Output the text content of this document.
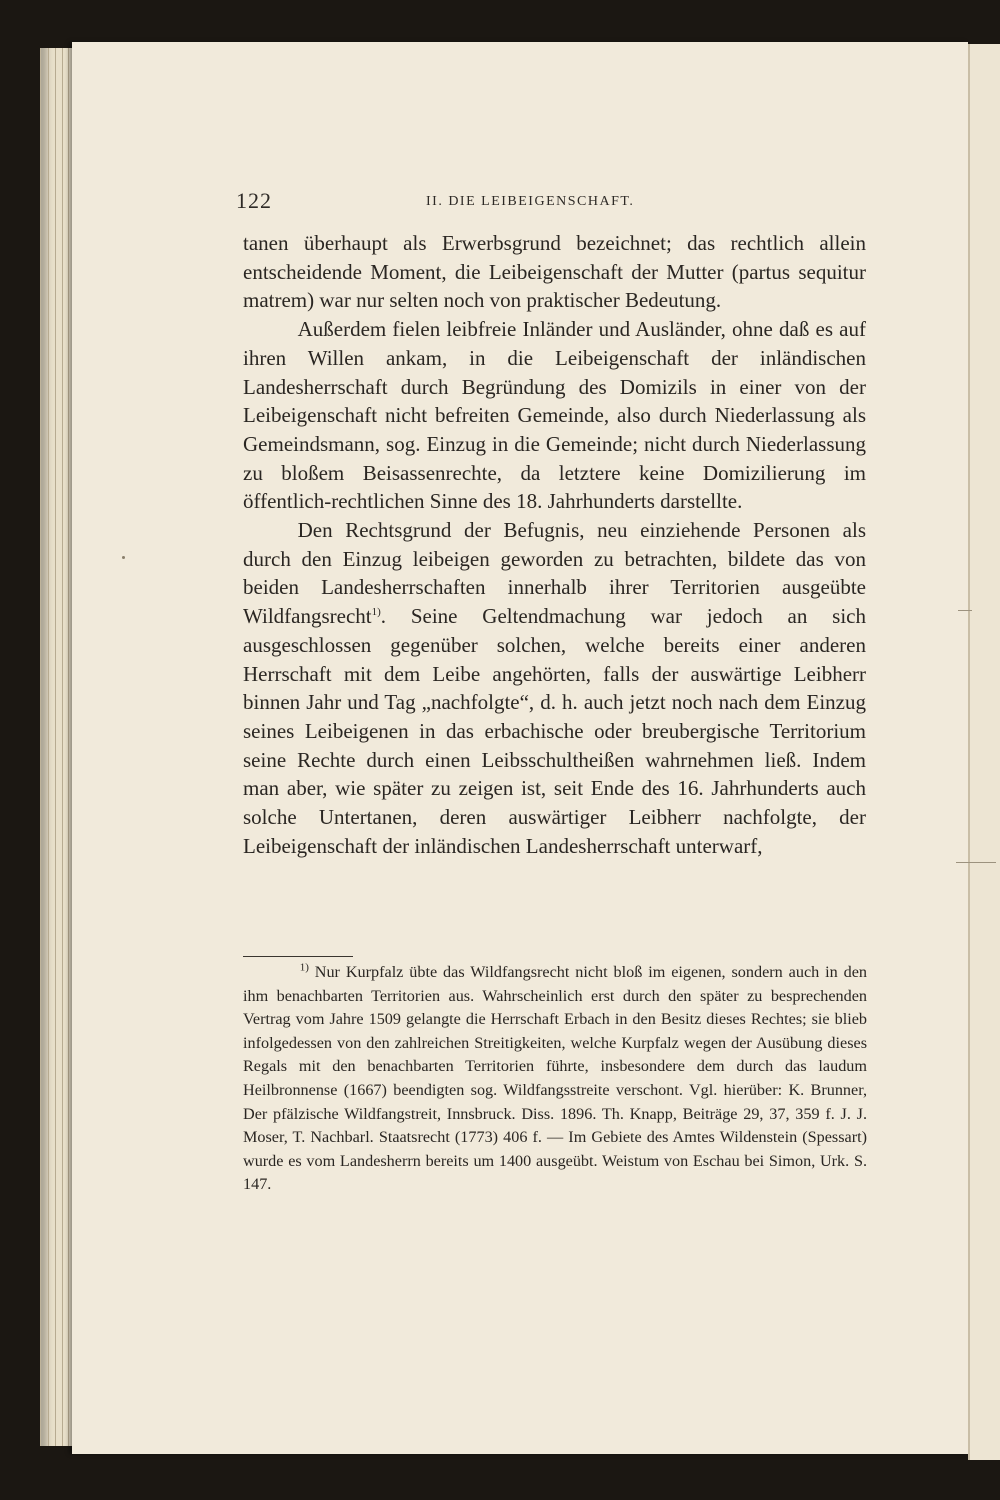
122	II. DIE LEIBEIGENSCHAFT.

tanen überhaupt als Erwerbsgrund bezeichnet; das rechtlich allein entscheidende Moment, die Leibeigenschaft der Mutter (partus sequitur matrem) war nur selten noch von praktischer Bedeutung.

Außerdem fielen leibfreie Inländer und Ausländer, ohne daß es auf ihren Willen ankam, in die Leibeigenschaft der inländischen Landesherrschaft durch Begründung des Domizils in einer von der Leibeigenschaft nicht befreiten Gemeinde, also durch Niederlassung als Gemeindsmann, sog. Einzug in die Gemeinde; nicht durch Niederlassung zu bloßem Beisassenrechte, da letztere keine Domizilierung im öffentlich-rechtlichen Sinne des 18. Jahrhunderts darstellte.

Den Rechtsgrund der Befugnis, neu einziehende Personen als durch den Einzug leibeigen geworden zu betrachten, bildete das von beiden Landesherrschaften innerhalb ihrer Territorien ausgeübte Wildfangsrecht$^{1)}$. Seine Geltendmachung war jedoch an sich ausgeschlossen gegenüber solchen, welche bereits einer anderen Herrschaft mit dem Leibe angehörten, falls der auswärtige Leibherr binnen Jahr und Tag „nachfolgte“, d. h. auch jetzt noch nach dem Einzug seines Leibeigenen in das erbachische oder breubergische Territorium seine Rechte durch einen Leibsschultheißen wahrnehmen ließ. Indem man aber, wie später zu zeigen ist, seit Ende des 16. Jahrhunderts auch solche Untertanen, deren auswärtiger Leibherr nachfolgte, der Leibeigenschaft der inländischen Landesherrschaft unterwarf,

$^{1)}$ Nur Kurpfalz übte das Wildfangsrecht nicht bloß im eigenen, sondern auch in den ihm benachbarten Territorien aus. Wahrscheinlich erst durch den später zu besprechenden Vertrag vom Jahre 1509 gelangte die Herrschaft Erbach in den Besitz dieses Rechtes; sie blieb infolgedessen von den zahlreichen Streitigkeiten, welche Kurpfalz wegen der Ausübung dieses Regals mit den benachbarten Territorien führte, insbesondere dem durch das laudum Heilbronnense (1667) beendigten sog. Wildfangsstreite verschont. Vgl. hierüber: K. Brunner, Der pfälzische Wildfangstreit, Innsbruck. Diss. 1896. Th. Knapp, Beiträge 29, 37, 359 f. J. J. Moser, T. Nachbarl. Staatsrecht (1773) 406 f. — Im Gebiete des Amtes Wildenstein (Spessart) wurde es vom Landesherrn bereits um 1400 ausgeübt. Weistum von Eschau bei Simon, Urk. S. 147.
